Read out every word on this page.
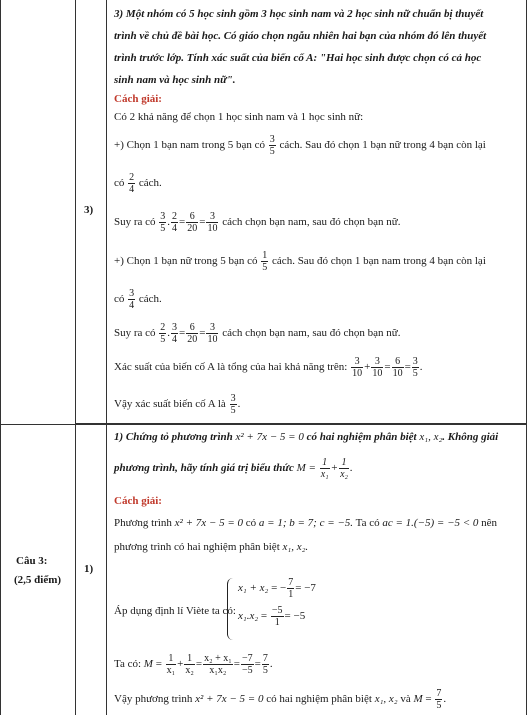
3)
3) Một nhóm có 5 học sinh gồm 3 học sinh nam và 2 học sinh nữ chuẩn bị thuyết
trình về chủ đề bài học. Có giáo chọn ngẫu nhiên hai bạn của nhóm đó lên thuyết
trình trước lớp. Tính xác suất của biến cố A: "Hai học sinh được chọn có cả học
sinh nam và học sinh nữ".
Cách giải:
Có 2 khả năng để chọn 1 học sinh nam và 1 học sinh nữ:
+) Chọn 1 bạn nam trong 5 bạn có $\frac{3}{5}$ cách. Sau đó chọn 1 bạn nữ trong 4 bạn còn lại
có $\frac{2}{4}$ cách.
Suy ra có $\frac{3}{5}$ . $\frac{2}{4} = \frac{6}{20} = \frac{3}{10}$ cách chọn bạn nam, sau đó chọn bạn nữ.
+) Chọn 1 bạn nữ trong 5 bạn có $\frac{1}{5}$ cách. Sau đó chọn 1 bạn nam trong 4 bạn còn lại
có $\frac{3}{4}$ cách.
Suy ra có $\frac{2}{5}$ . $\frac{3}{4} = \frac{6}{20} = \frac{3}{10}$ cách chọn bạn nam, sau đó chọn bạn nữ.
Xác suất của biến cố A là tổng của hai khả năng trên: $\frac{3}{10} + \frac{3}{10} = \frac{6}{10} = \frac{3}{5}$ .
Vậy xác suất biến cố A là $\frac{3}{5}$ .
Câu 3:
(2,5 điểm)
1)
1) Chứng tỏ phương trình x² + 7x − 5 = 0 có hai nghiệm phân biệt x₁, x₂. Không giải
phương trình, hãy tính giá trị biểu thức $M = \frac{1}{\text{x₁}} + \frac{1}{\text{x₂}}$ .
Cách giải:
Phương trình x² + 7x − 5 = 0 có a = 1; b = 7; c = −5. Ta có ac = 1.(−5) = −5 < 0 nên
phương trình có hai nghiệm phân biệt x₁, x₂.
Áp dụng định lí Viète ta có:
x₁ + x₂ = − $\frac{7}{1} = -7$
$x_1.x_2 = \frac{-5}{1} = -5$
Ta có: $M = \frac{1}{\text{x₁}} + \frac{1}{\text{x₂}} = \frac{\text{x₂ + x₁}}{\text{x₁x₂}} = \frac{-7}{-5} = \frac{7}{5}$ .
Vậy phương trình x² + 7x − 5 = 0 có hai nghiệm phân biệt x₁, x₂ và $M = \frac{7}{5}$ .
